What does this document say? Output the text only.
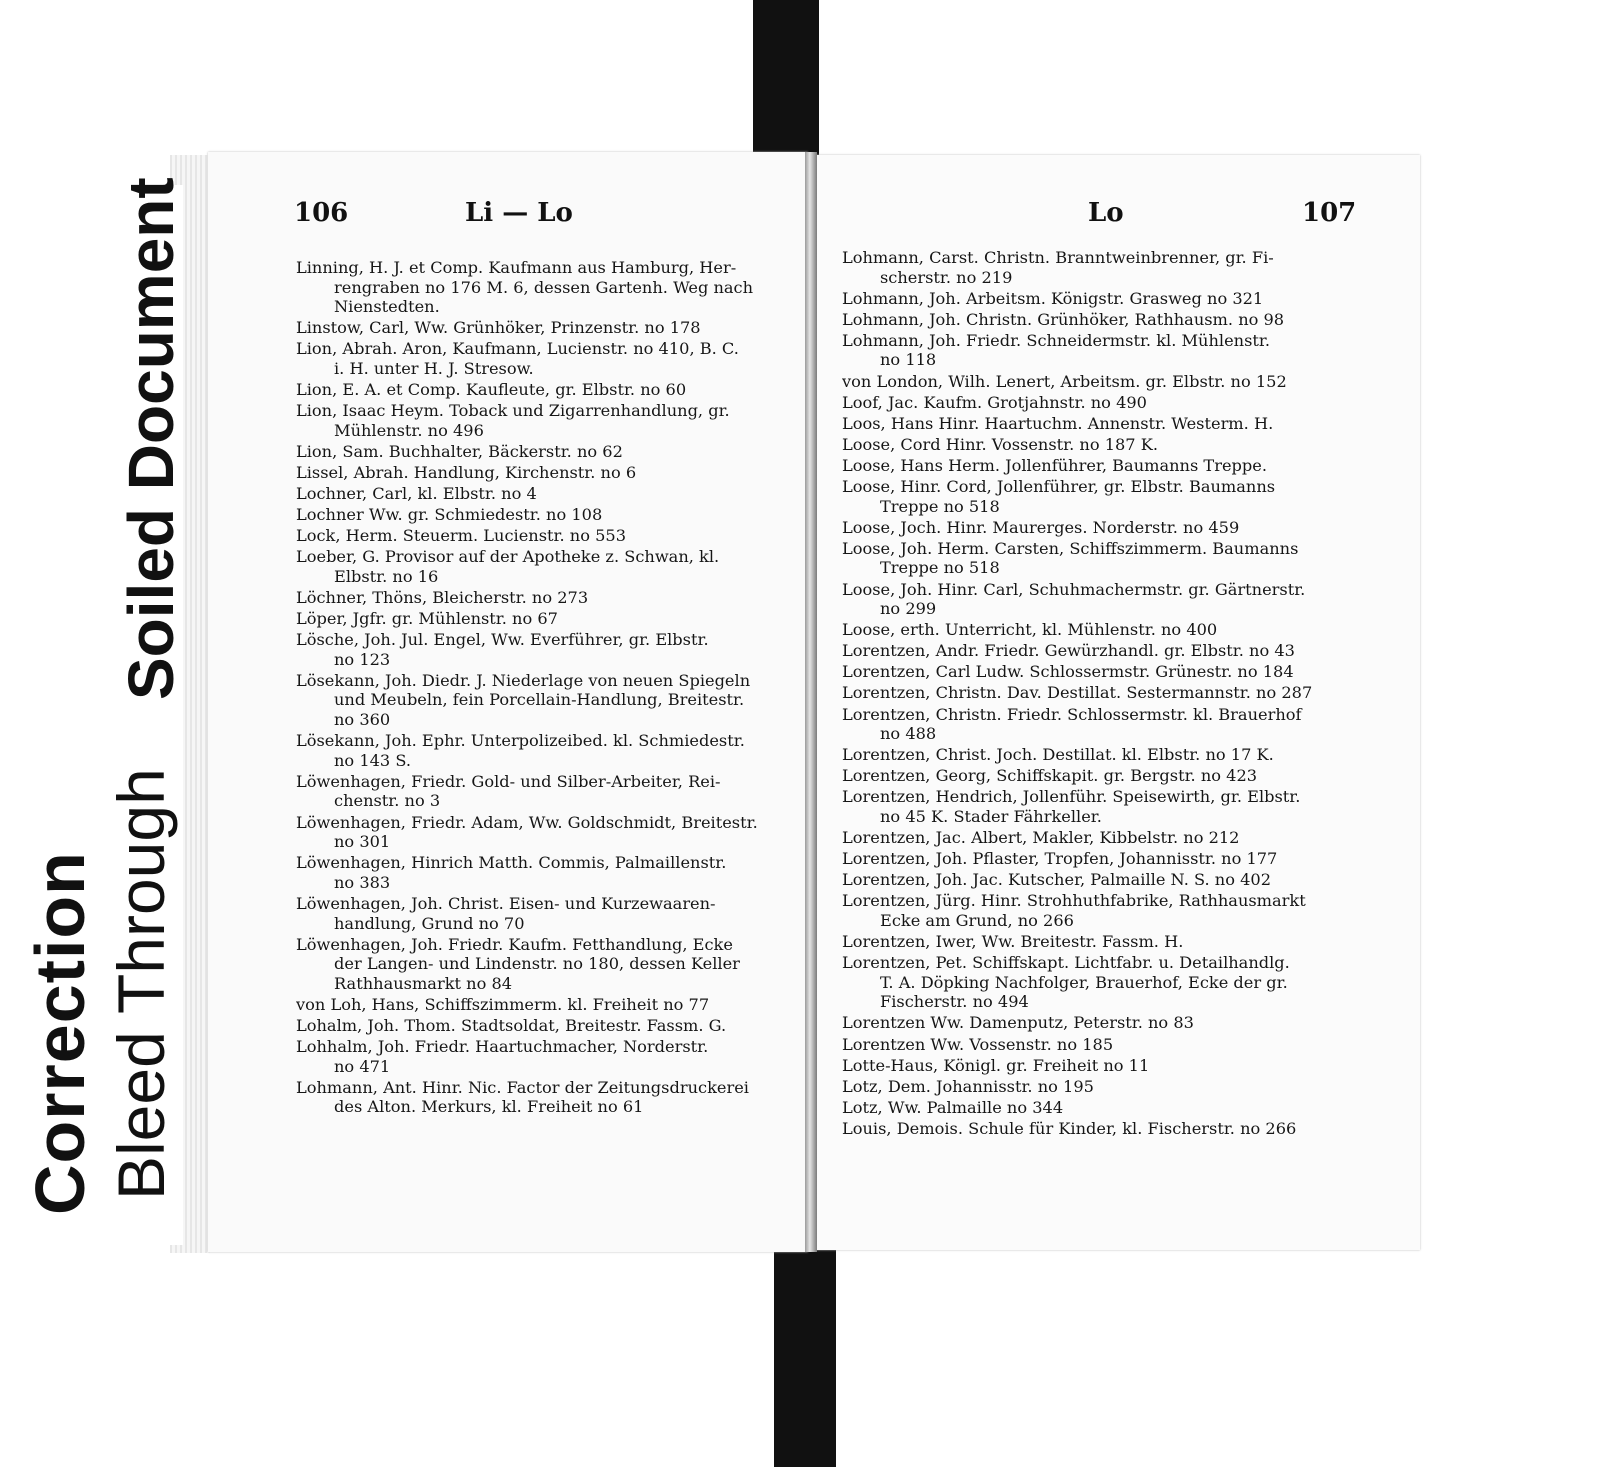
Correction Bleed Through
Soiled Document	106	Li — Lo	Lo	107
Linning, H. J. et Comp. Kaufmann aus Hamburg, Her-
rengraben no 176 M. 6, dessen Gartenh. Weg nach
Nienstedten.
Linstow, Carl, Ww. Grünhöker, Prinzenstr. no 178
Lion, Abrah. Aron, Kaufmann, Lucienstr. no 410, B. C.
i. H. unter H. J. Stresow.
Lion, E. A. et Comp. Kaufleute, gr. Elbstr. no 60
Lion, Isaac Heym. Toback und Zigarrenhandlung, gr.
Mühlenstr. no 496
Lion, Sam. Buchhalter, Bäckerstr. no 62
Lissel, Abrah. Handlung, Kirchenstr. no 6
Lochner, Carl, kl. Elbstr. no 4
Lochner Ww. gr. Schmiedestr. no 108
Lock, Herm. Steuerm. Lucienstr. no 553
Loeber, G. Provisor auf der Apotheke z. Schwan, kl.
Elbstr. no 16
Löchner, Thöns, Bleicherstr. no 273
Löper, Jgfr. gr. Mühlenstr. no 67
Lösche, Joh. Jul. Engel, Ww. Everführer, gr. Elbstr.
no 123
Lösekann, Joh. Diedr. J. Niederlage von neuen Spiegeln
und Meubeln, fein Porcellain-Handlung, Breitestr.
no 360
Lösekann, Joh. Ephr. Unterpolizeibed. kl. Schmiedestr.
no 143 S.
Löwenhagen, Friedr. Gold- und Silber-Arbeiter, Rei-
chenstr. no 3
Löwenhagen, Friedr. Adam, Ww. Goldschmidt, Breitestr.
no 301
Löwenhagen, Hinrich Matth. Commis, Palmaillenstr.
no 383
Löwenhagen, Joh. Christ. Eisen- und Kurzewaaren-
handlung, Grund no 70
Löwenhagen, Joh. Friedr. Kaufm. Fetthandlung, Ecke
der Langen- und Lindenstr. no 180, dessen Keller
Rathhausmarkt no 84
von Loh, Hans, Schiffszimmerm. kl. Freiheit no 77
Lohalm, Joh. Thom. Stadtsoldat, Breitestr. Fassm. G.
Lohhalm, Joh. Friedr. Haartuchmacher, Norderstr.
no 471
Lohmann, Ant. Hinr. Nic. Factor der Zeitungsdruckerei
des Alton. Merkurs, kl. Freiheit no 61
Lohmann, Carst. Christn. Branntweinbrenner, gr. Fi-
scherstr. no 219
Lohmann, Joh. Arbeitsm. Königstr. Grasweg no 321
Lohmann, Joh. Christn. Grünhöker, Rathhausm. no 98
Lohmann, Joh. Friedr. Schneidermstr. kl. Mühlenstr.
no 118
von London, Wilh. Lenert, Arbeitsm. gr. Elbstr. no 152
Loof, Jac. Kaufm. Grotjahnstr. no 490
Loos, Hans Hinr. Haartuchm. Annenstr. Westerm. H.
Loose, Cord Hinr. Vossenstr. no 187 K.
Loose, Hans Herm. Jollenführer, Baumanns Treppe.
Loose, Hinr. Cord, Jollenführer, gr. Elbstr. Baumanns
Treppe no 518
Loose, Joch. Hinr. Maurerges. Norderstr. no 459
Loose, Joh. Herm. Carsten, Schiffszimmerm. Baumanns
Treppe no 518
Loose, Joh. Hinr. Carl, Schuhmachermstr. gr. Gärtnerstr.
no 299
Loose, erth. Unterricht, kl. Mühlenstr. no 400
Lorentzen, Andr. Friedr. Gewürzhandl. gr. Elbstr. no 43
Lorentzen, Carl Ludw. Schlossermstr. Grünestr. no 184
Lorentzen, Christn. Dav. Destillat. Sestermannstr. no 287
Lorentzen, Christn. Friedr. Schlossermstr. kl. Brauerhof
no 488
Lorentzen, Christ. Joch. Destillat. kl. Elbstr. no 17 K.
Lorentzen, Georg, Schiffskapit. gr. Bergstr. no 423
Lorentzen, Hendrich, Jollenführ. Speisewirth, gr. Elbstr.
no 45 K. Stader Fährkeller.
Lorentzen, Jac. Albert, Makler, Kibbelstr. no 212
Lorentzen, Joh. Pflaster, Tropfen, Johannisstr. no 177
Lorentzen, Joh. Jac. Kutscher, Palmaille N. S. no 402
Lorentzen, Jürg. Hinr. Strohhuthfabrike, Rathhausmarkt
Ecke am Grund, no 266
Lorentzen, Iwer, Ww. Breitestr. Fassm. H.
Lorentzen, Pet. Schiffskapt. Lichtfabr. u. Detailhandlg.
T. A. Döpking Nachfolger, Brauerhof, Ecke der gr.
Fischerstr. no 494
Lorentzen Ww. Damenputz, Peterstr. no 83
Lorentzen Ww. Vossenstr. no 185
Lotte-Haus, Königl. gr. Freiheit no 11
Lotz, Dem. Johannisstr. no 195
Lotz, Ww. Palmaille no 344
Louis, Demois. Schule für Kinder, kl. Fischerstr. no 266
